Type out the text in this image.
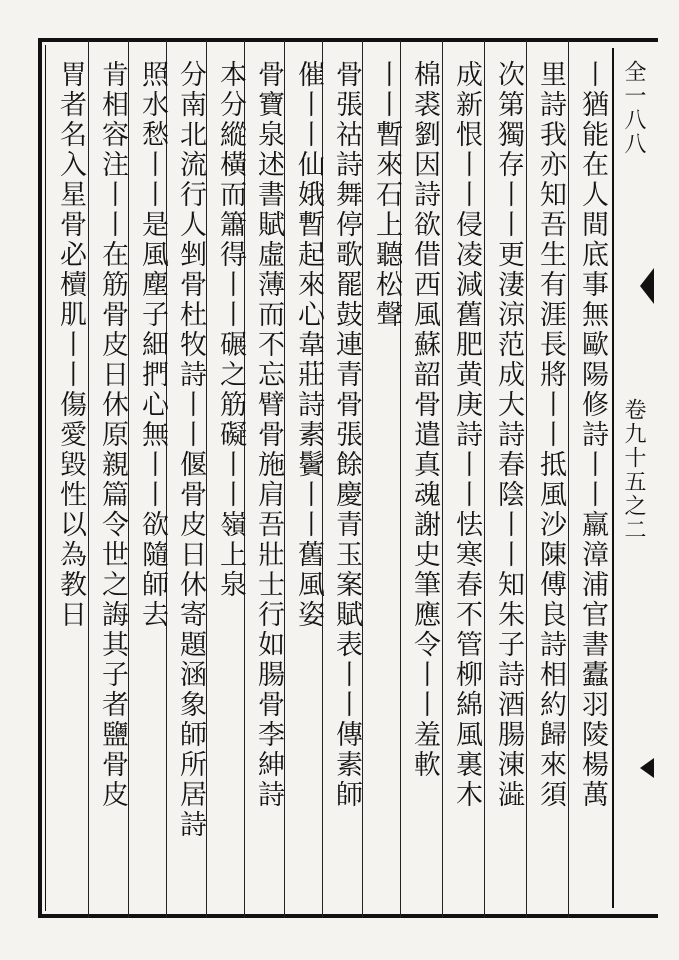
全一八八
卷九十五之二
丨猶能在人間底事無歐陽修詩丨丨羸漳浦官書蠹羽陵楊萬
里詩我亦知吾生有涯長將丨丨抵風沙陳傅良詩相約歸來須
次第獨存丨丨更淒涼范成大詩春陰丨丨知朱子詩酒腸涷澁
成新恨丨丨侵凌減舊肥黄庚詩丨丨怯寒春不管柳綿風裏木
棉裘劉因詩欲借西風蘇韶骨遣真魂謝史筆應令丨丨羞軟
丨丨暫來石上聽松聲
骨張祜詩舞停歌罷鼓連青骨張餘慶青玉案賦表丨丨傳素師
催丨丨仙娥暫起來心韋莊詩素鬢丨丨舊風姿
骨寶泉述書賦虛薄而不忘臂骨施肩吾壯士行如腸骨李紳詩
本分縱橫而簫得丨丨碾之筋礙丨丨嶺上泉
分南北流行人剉骨杜牧詩丨丨偃骨皮日休寄題涵象師所居詩
照水愁丨丨是風塵子細捫心無丨丨欲隨師去
肯相容注丨丨在筋骨皮日休原親篇令世之誨其子者鹽骨皮
胃者名入星骨必櫝肌丨丨傷愛毀性以為教日
